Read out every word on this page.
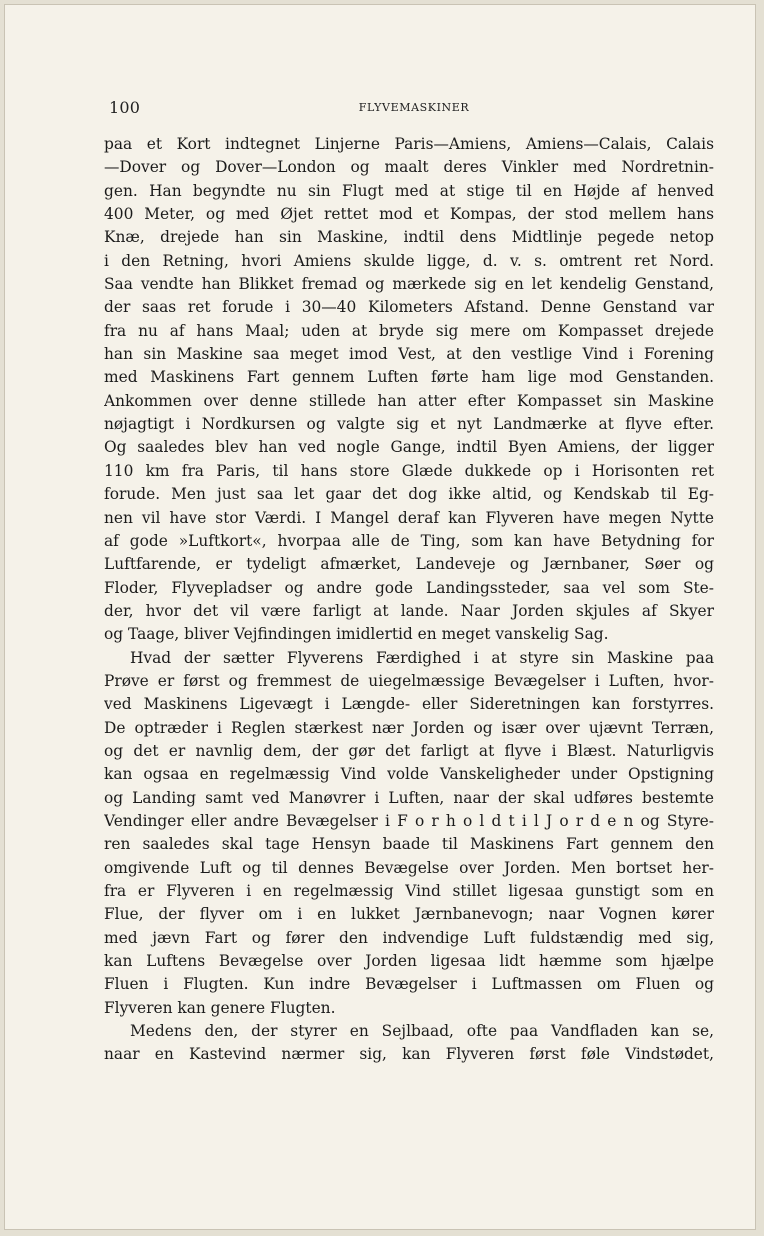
100	FLYVEMASKINER
paa et Kort indtegnet Linjerne Paris—Amiens, Amiens—Calais, Calais
—Dover og Dover—London og maalt deres Vinkler med Nordretnin-
gen. Han begyndte nu sin Flugt med at stige til en Højde af henved
400 Meter, og med Øjet rettet mod et Kompas, der stod mellem hans
Knæ, drejede han sin Maskine, indtil dens Midtlinje pegede netop
i den Retning, hvori Amiens skulde ligge, d. v. s. omtrent ret Nord.
Saa vendte han Blikket fremad og mærkede sig en let kendelig Genstand,
der saas ret forude i 30—40 Kilometers Afstand. Denne Genstand var
fra nu af hans Maal; uden at bryde sig mere om Kompasset drejede
han sin Maskine saa meget imod Vest, at den vestlige Vind i Forening
med Maskinens Fart gennem Luften førte ham lige mod Genstanden.
Ankommen over denne stillede han atter efter Kompasset sin Maskine
nøjagtigt i Nordkursen og valgte sig et nyt Landmærke at flyve efter.
Og saaledes blev han ved nogle Gange, indtil Byen Amiens, der ligger
110 km fra Paris, til hans store Glæde dukkede op i Horisonten ret
forude. Men just saa let gaar det dog ikke altid, og Kendskab til Eg-
nen vil have stor Værdi. I Mangel deraf kan Flyveren have megen Nytte
af gode »Luftkort«, hvorpaa alle de Ting, som kan have Betydning for
Luftfarende, er tydeligt afmærket, Landeveje og Jærnbaner, Søer og
Floder, Flyvepladser og andre gode Landingssteder, saa vel som Ste-
der, hvor det vil være farligt at lande. Naar Jorden skjules af Skyer
og Taage, bliver Vejfindingen imidlertid en meget vanskelig Sag.
Hvad der sætter Flyverens Færdighed i at styre sin Maskine paa
Prøve er først og fremmest de uiegelmæssige Bevægelser i Luften, hvor-
ved Maskinens Ligevægt i Længde- eller Sideretningen kan forstyrres.
De optræder i Reglen stærkest nær Jorden og især over ujævnt Terræn,
og det er navnlig dem, der gør det farligt at flyve i Blæst. Naturligvis
kan ogsaa en regelmæssig Vind volde Vanskeligheder under Opstigning
og Landing samt ved Manøvrer i Luften, naar der skal udføres bestemte
Vendinger eller andre Bevægelser i F o r h o l d t i l J o r d e n og Styre-
ren saaledes skal tage Hensyn baade til Maskinens Fart gennem den
omgivende Luft og til dennes Bevægelse over Jorden. Men bortset her-
fra er Flyveren i en regelmæssig Vind stillet ligesaa gunstigt som en
Flue, der flyver om i en lukket Jærnbanevogn; naar Vognen kører
med jævn Fart og fører den indvendige Luft fuldstændig med sig,
kan Luftens Bevægelse over Jorden ligesaa lidt hæmme som hjælpe
Fluen i Flugten. Kun indre Bevægelser i Luftmassen om Fluen og
Flyveren kan genere Flugten.
Medens den, der styrer en Sejlbaad, ofte paa Vandfladen kan se,
naar en Kastevind nærmer sig, kan Flyveren først føle Vindstødet,
